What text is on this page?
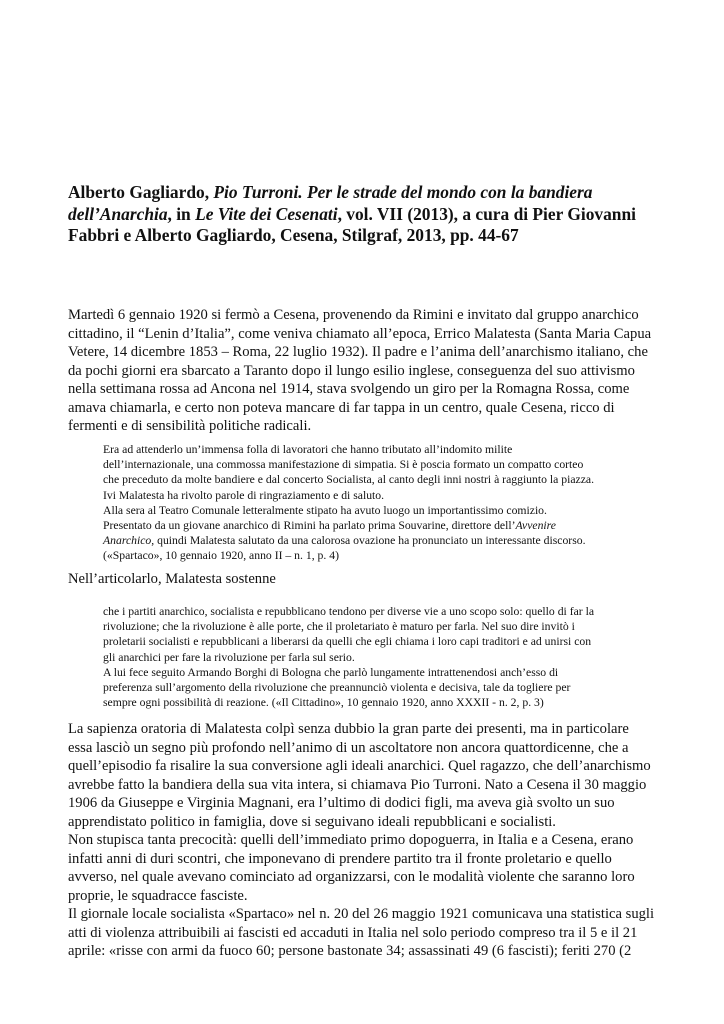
Alberto Gagliardo, Pio Turroni. Per le strade del mondo con la bandiera dell’Anarchia, in Le Vite dei Cesenati, vol. VII (2013), a cura di Pier Giovanni Fabbri e Alberto Gagliardo, Cesena, Stilgraf, 2013, pp. 44-67

Martedì 6 gennaio 1920 si fermò a Cesena, provenendo da Rimini e invitato dal gruppo anarchico
cittadino, il “Lenin d’Italia”, come veniva chiamato all’epoca, Errico Malatesta (Santa Maria Capua
Vetere, 14 dicembre 1853 – Roma, 22 luglio 1932). Il padre e l’anima dell’anarchismo italiano, che
da pochi giorni era sbarcato a Taranto dopo il lungo esilio inglese, conseguenza del suo attivismo
nella settimana rossa ad Ancona nel 1914, stava svolgendo un giro per la Romagna Rossa, come
amava chiamarla, e certo non poteva mancare di far tappa in un centro, quale Cesena, ricco di
fermenti e di sensibilità politiche radicali.

Era ad attenderlo un’immensa folla di lavoratori che hanno tributato all’indomito milite
dell’internazionale, una commossa manifestazione di simpatia. Si è poscia formato un compatto corteo
che preceduto da molte bandiere e dal concerto Socialista, al canto degli inni nostri à raggiunto la piazza.
Ivi Malatesta ha rivolto parole di ringraziamento e di saluto.
Alla sera al Teatro Comunale letteralmente stipato ha avuto luogo un importantissimo comizio.
Presentato da un giovane anarchico di Rimini ha parlato prima Souvarine, direttore dell’Avvenire
Anarchico, quindi Malatesta salutato da una calorosa ovazione ha pronunciato un interessante discorso.
(«Spartaco», 10 gennaio 1920, anno II – n. 1, p. 4)

Nell’articolarlo, Malatesta sostenne

che i partiti anarchico, socialista e repubblicano tendono per diverse vie a uno scopo solo: quello di far la
rivoluzione; che la rivoluzione è alle porte, che il proletariato è maturo per farla. Nel suo dire invitò i
proletarii socialisti e repubblicani a liberarsi da quelli che egli chiama i loro capi traditori e ad unirsi con
gli anarchici per fare la rivoluzione per farla sul serio.
A lui fece seguito Armando Borghi di Bologna che parlò lungamente intrattenendosi anch’esso di
preferenza sull’argomento della rivoluzione che preannunciò violenta e decisiva, tale da togliere per
sempre ogni possibilità di reazione. («Il Cittadino», 10 gennaio 1920, anno XXXII - n. 2, p. 3)

La sapienza oratoria di Malatesta colpì senza dubbio la gran parte dei presenti, ma in particolare
essa lasciò un segno più profondo nell’animo di un ascoltatore non ancora quattordicenne, che a
quell’episodio fa risalire la sua conversione agli ideali anarchici. Quel ragazzo, che dell’anarchismo
avrebbe fatto la bandiera della sua vita intera, si chiamava Pio Turroni. Nato a Cesena il 30 maggio
1906 da Giuseppe e Virginia Magnani, era l’ultimo di dodici figli, ma aveva già svolto un suo
apprendistato politico in famiglia, dove si seguivano ideali repubblicani e socialisti.
Non stupisca tanta precocità: quelli dell’immediato primo dopoguerra, in Italia e a Cesena, erano
infatti anni di duri scontri, che imponevano di prendere partito tra il fronte proletario e quello
avverso, nel quale avevano cominciato ad organizzarsi, con le modalità violente che saranno loro
proprie, le squadracce fasciste.
Il giornale locale socialista «Spartaco» nel n. 20 del 26 maggio 1921 comunicava una statistica sugli
atti di violenza attribuibili ai fascisti ed accaduti in Italia nel solo periodo compreso tra il 5 e il 21
aprile: «risse con armi da fuoco 60; persone bastonate 34; assassinati 49 (6 fascisti); feriti 270 (2
